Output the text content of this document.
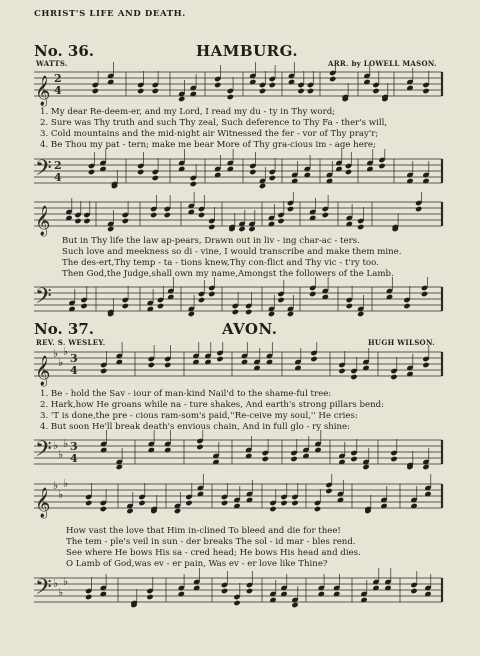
CHRIST'S LIFE AND DEATH.
No. 36.	HAMBURG.
WATTS.	ARR. by LOWELL MASON.
𝄞 2
4
1. My dear Re-deem-er, and my Lord, I read my du - ty in Thy word;
2. Sure was Thy truth and such Thy zeal, Such deference to Thy Fa - ther's will,
3. Cold mountains and the mid-night air Witnessed the fer - vor of Thy pray'r;
4. Be Thou my pat - tern; make me bear More of Thy gra-cious im - age here;
𝄢 2
4
𝄞
But in Thy life the law ap-pears, Drawn out in liv - ing char-ac - ters.
Such love and meekness so di - vine, I would transcribe and make them mine.
The des-ert,Thy temp - ta - tions knew,Thy con-flict and Thy vic - t'ry too.
Then God,the Judge,shall own my name,Amongst the followers of the Lamb.
𝄢
No. 37.	AVON.
REV. S. WESLEY.	HUGH WILSON.
𝄞
♭
♭
♭
3
4
1. Be - hold the Sav - iour of man-kind Nail'd to the shame-ful tree:
2. Hark,how He groans while na - ture shakes, And earth's strong pillars bend:
3. 'T is done,the pre - cious ram-som's paid,''Re-ceive my soul,'' He cries:
4. But soon He'll break death's envious chain, And in full glo - ry shine:
𝄢 ♭
♭
♭ 3
4
𝄞
♭
♭
♭
How vast the love that Him in-clined To bleed and die for thee!
The tem - ple's veil in sun - der breaks The sol - id mar - bles rend.
See where He bows His sa - cred head; He bows His head and dies.
O Lamb of God,was ev - er pain, Was ev - er love like Thine?
𝄢 ♭
♭
♭
